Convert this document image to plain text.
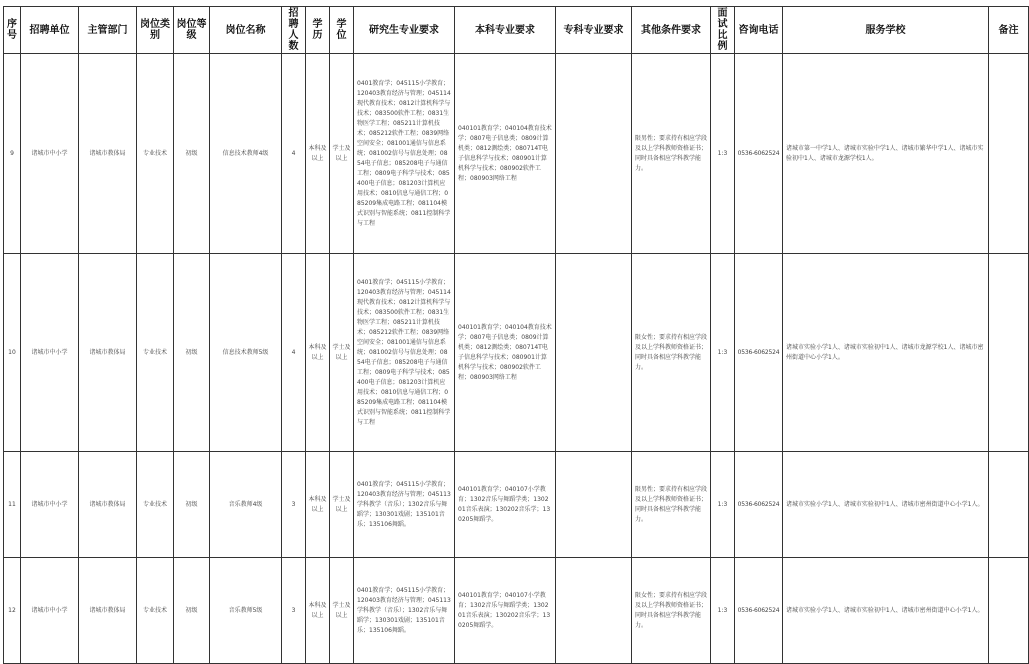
序号	招聘单位	主管部门	岗位类别	岗位等级	岗位名称	招聘人数	学历	学位	研究生专业要求	本科专业要求	专科专业要求	其他条件要求	面试比例	咨询电话	服务学校	备注
9	诸城市中小学	诸城市教体局	专业技术	初级	信息技术教师4级	4	本科及以上	学士及以上	0401教育学；045115小学教育；120403教育经济与管理；045114现代教育技术；0812计算机科学与技术；083500软件工程；0831生物医学工程；085211计算机技术；085212软件工程；0839网络空间安全；081001通信与信息系统；081002信号与信息处理；0854电子信息；085208电子与通信工程；0809电子科学与技术；085400电子信息；081203计算机应用技术；0810信息与通信工程；085209集成电路工程；081104模式识别与智能系统；0811控制科学与工程	040101教育学；040104教育技术学；0807电子信息类；0809计算机类；0812测绘类；080714T电子信息科学与技术；080901计算机科学与技术；080902软件工程；080903网络工程		限男性；要求持有相应学段及以上学科教师资格证书；同时具备相应学科教学能力。	1:3	0536-6062524	诸城市第一中学1人、诸城市实验中学1人、诸城市繁华中学1人、诸城市实验初中1人、诸城市龙源学校1人。	

10	诸城市中小学	诸城市教体局	专业技术	初级	信息技术教师5级	4	本科及以上	学士及以上	0401教育学；045115小学教育；120403教育经济与管理；045114现代教育技术；0812计算机科学与技术；083500软件工程；0831生物医学工程；085211计算机技术；085212软件工程；0839网络空间安全；081001通信与信息系统；081002信号与信息处理；0854电子信息；085208电子与通信工程；0809电子科学与技术；085400电子信息；081203计算机应用技术；0810信息与通信工程；085209集成电路工程；081104模式识别与智能系统；0811控制科学与工程	040101教育学；040104教育技术学；0807电子信息类；0809计算机类；0812测绘类；080714T电子信息科学与技术；080901计算机科学与技术；080902软件工程；080903网络工程		限女性；要求持有相应学段及以上学科教师资格证书；同时具备相应学科教学能力。	1:3	0536-6062524	诸城市实验小学1人、诸城市实验初中1人、诸城市龙源学校1人、诸城市密州街道中心小学1人。	

11	诸城市中小学	诸城市教体局	专业技术	初级	音乐教师4级	3	本科及以上	学士及以上	0401教育学；045115小学教育；120403教育经济与管理；045113学科教学（音乐）；1302音乐与舞蹈学；130301戏剧；135101音乐；135106舞蹈。	040101教育学；040107小学教育；1302音乐与舞蹈学类；130201音乐表演；130202音乐学；130205舞蹈学。		限男性；要求持有相应学段及以上学科教师资格证书；同时具备相应学科教学能力。	1:3	0536-6062524	诸城市实验小学1人、诸城市实验初中1人、诸城市密州街道中心小学1人。	

12	诸城市中小学	诸城市教体局	专业技术	初级	音乐教师5级	3	本科及以上	学士及以上	0401教育学；045115小学教育；120403教育经济与管理；045113学科教学（音乐）；1302音乐与舞蹈学；130301戏剧；135101音乐；135106舞蹈。	040101教育学；040107小学教育；1302音乐与舞蹈学类；130201音乐表演；130202音乐学；130205舞蹈学。		限女性；要求持有相应学段及以上学科教师资格证书；同时具备相应学科教学能力。	1:3	0536-6062524	诸城市实验小学1人、诸城市实验初中1人、诸城市密州街道中心小学1人。	
